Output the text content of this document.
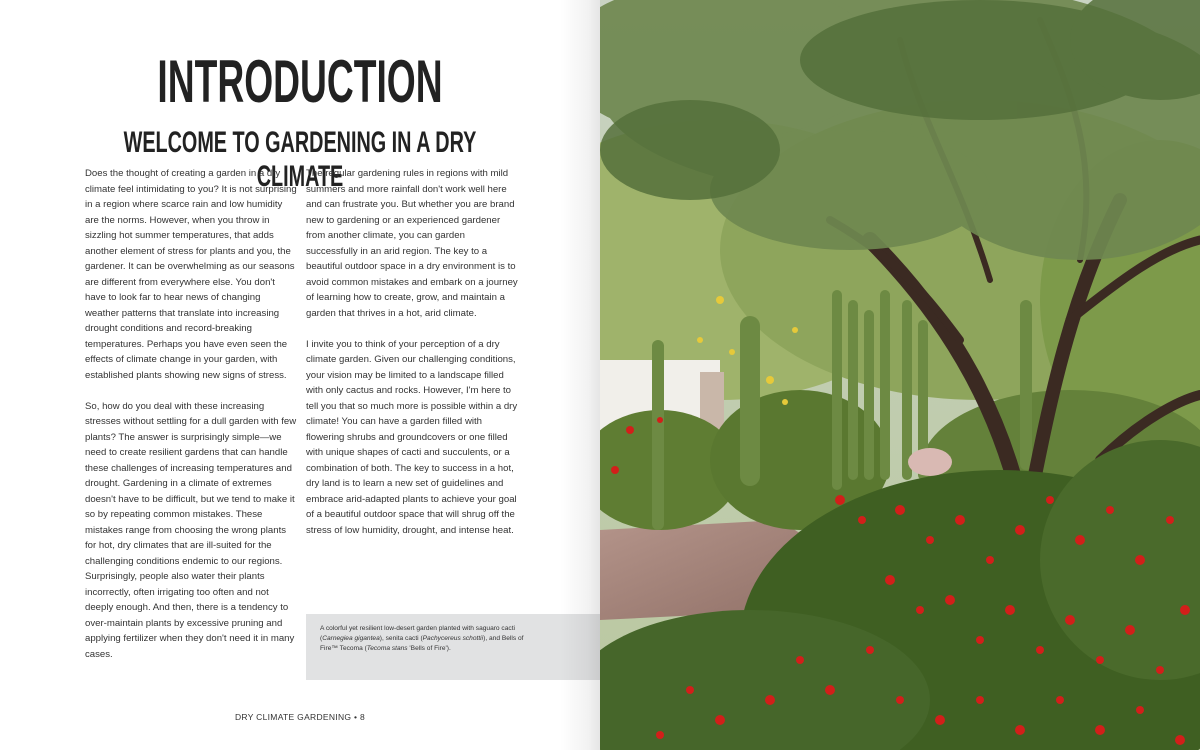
INTRODUCTION
WELCOME TO GARDENING IN A DRY CLIMATE

Does the thought of creating a garden in a dry climate feel intimidating to you? It is not surprising in a region where scarce rain and low humidity are the norms. However, when you throw in sizzling hot summer temperatures, that adds another element of stress for plants and you, the gardener. It can be overwhelming as our seasons are different from everywhere else. You don't have to look far to hear news of changing weather patterns that translate into increasing drought conditions and record-breaking temperatures. Perhaps you have even seen the effects of climate change in your garden, with established plants showing new signs of stress.

So, how do you deal with these increasing stresses without settling for a dull garden with few plants? The answer is surprisingly simple—we need to create resilient gardens that can handle these challenges of increasing temperatures and drought. Gardening in a climate of extremes doesn't have to be difficult, but we tend to make it so by repeating common mistakes. These mistakes range from choosing the wrong plants for hot, dry climates that are ill-suited for the challenging conditions endemic to our regions. Surprisingly, people also water their plants incorrectly, often irrigating too often and not deeply enough. And then, there is a tendency to over-maintain plants by excessive pruning and applying fertilizer when they don't need it in many cases.

The regular gardening rules in regions with mild summers and more rainfall don't work well here and can frustrate you. But whether you are brand new to gardening or an experienced gardener from another climate, you can garden successfully in an arid region. The key to a beautiful outdoor space in a dry environment is to avoid common mistakes and embark on a journey of learning how to create, grow, and maintain a garden that thrives in a hot, arid climate.

I invite you to think of your perception of a dry climate garden. Given our challenging conditions, your vision may be limited to a landscape filled with only cactus and rocks. However, I'm here to tell you that so much more is possible within a dry climate! You can have a garden filled with flowering shrubs and groundcovers or one filled with unique shapes of cacti and succulents, or a combination of both. The key to success in a hot, dry land is to learn a new set of guidelines and embrace arid-adapted plants to achieve your goal of a beautiful outdoor space that will shrug off the stress of low humidity, drought, and intense heat.

A colorful yet resilient low-desert garden planted with saguaro cacti (Carnegiea gigantea), senita cacti (Pachycereus schottii), and Bells of Fire™ Tecoma (Tecoma stans 'Bells of Fire').
DRY CLIMATE GARDENING • 8
